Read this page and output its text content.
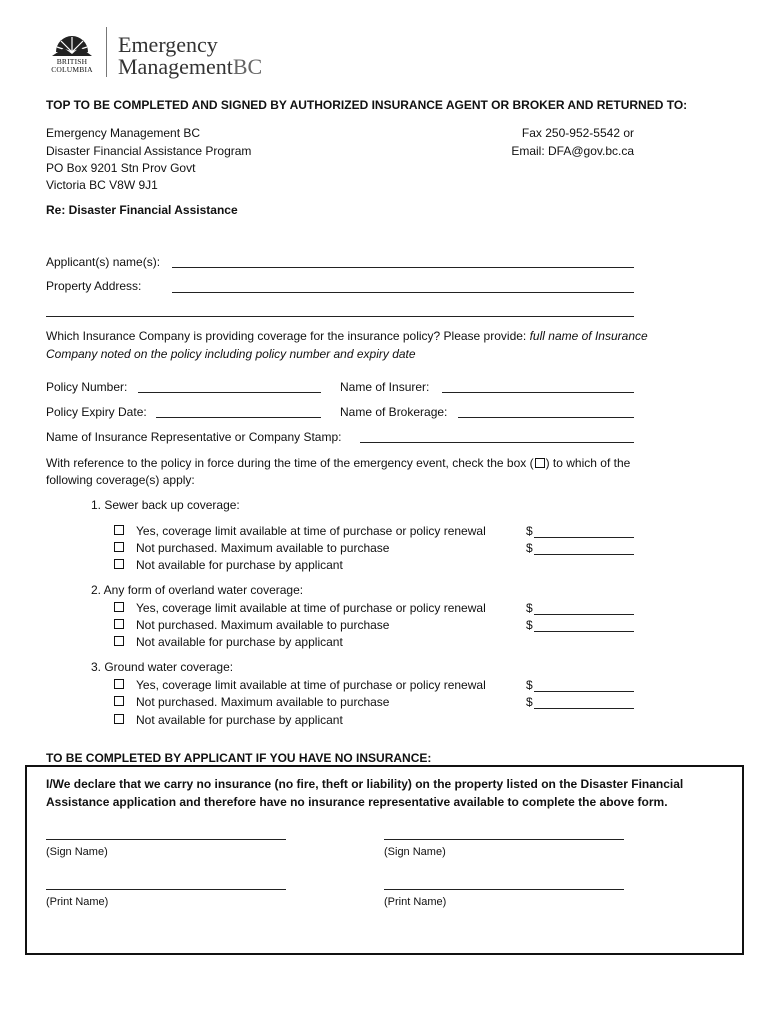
BRITISH
COLUMBIA
Emergency
ManagementBC
TOP TO BE COMPLETED AND SIGNED BY AUTHORIZED INSURANCE AGENT OR BROKER AND RETURNED TO:
Emergency Management BC
Disaster Financial Assistance Program
PO Box 9201 Stn Prov Govt
Victoria BC V8W 9J1
Fax 250-952-5542 or
Email: DFA@gov.bc.ca
Re: Disaster Financial Assistance
Applicant(s) name(s):
Property Address:
Which Insurance Company is providing coverage for the insurance policy? Please provide: full name of Insurance
Company noted on the policy including policy number and expiry date
Policy Number:	Name of Insurer:
Policy Expiry Date:	Name of Brokerage:
Name of Insurance Representative or Company Stamp:
With reference to the policy in force during the time of the emergency event, check the box ( ) to which of the
following coverage(s) apply:
1. Sewer back up coverage:
Yes, coverage limit available at time of purchase or policy renewal	$
Not purchased. Maximum available to purchase	$
Not available for purchase by applicant
2. Any form of overland water coverage:
Yes, coverage limit available at time of purchase or policy renewal	$
Not purchased. Maximum available to purchase	$
Not available for purchase by applicant
3. Ground water coverage:
Yes, coverage limit available at time of purchase or policy renewal	$
Not purchased. Maximum available to purchase	$
Not available for purchase by applicant
TO BE COMPLETED BY APPLICANT IF YOU HAVE NO INSURANCE:
I/We declare that we carry no insurance (no fire, theft or liability) on the property listed on the Disaster Financial
Assistance application and therefore have no insurance representative available to complete the above form.
(Sign Name)	(Sign Name)
(Print Name)	(Print Name)
